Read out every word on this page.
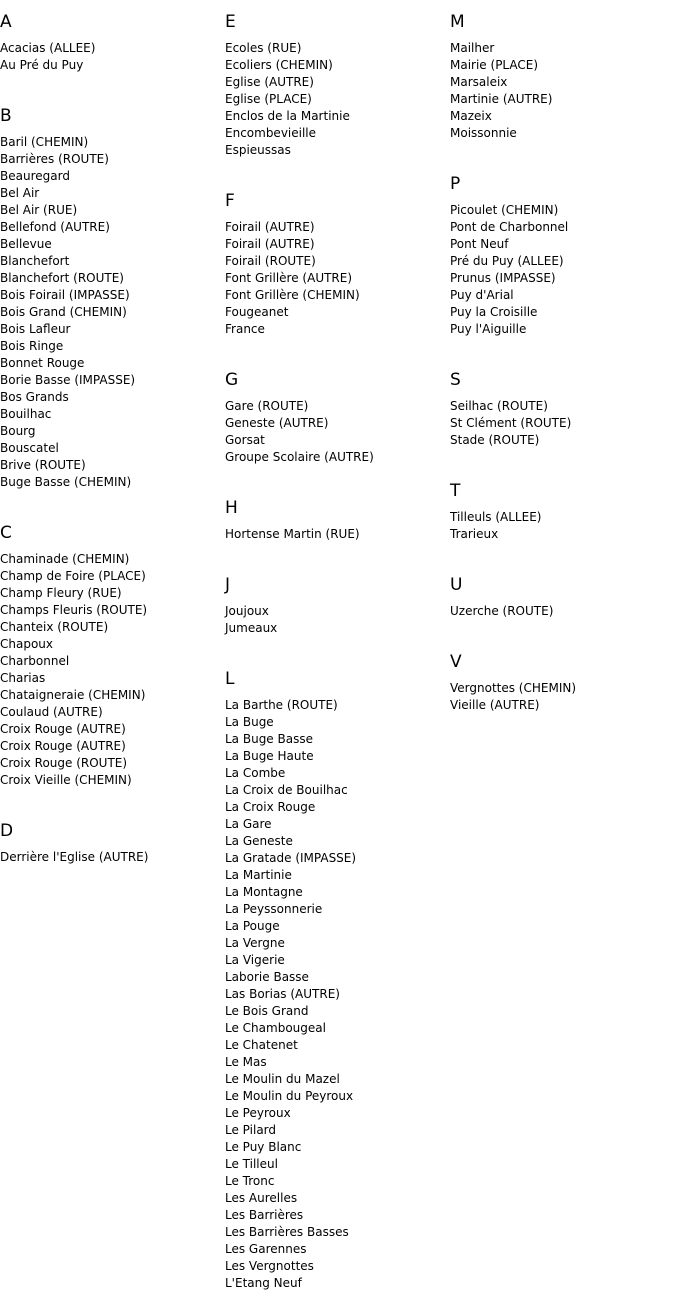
A
Acacias (ALLEE)
Au Pré du Puy
B
Baril (CHEMIN)
Barrières (ROUTE)
Beauregard
Bel Air
Bel Air (RUE)
Bellefond (AUTRE)
Bellevue
Blanchefort
Blanchefort (ROUTE)
Bois Foirail (IMPASSE)
Bois Grand (CHEMIN)
Bois Lafleur
Bois Ringe
Bonnet Rouge
Borie Basse (IMPASSE)
Bos Grands
Bouilhac
Bourg
Bouscatel
Brive (ROUTE)
Buge Basse (CHEMIN)
C
Chaminade (CHEMIN)
Champ de Foire (PLACE)
Champ Fleury (RUE)
Champs Fleuris (ROUTE)
Chanteix (ROUTE)
Chapoux
Charbonnel
Charias
Chataigneraie (CHEMIN)
Coulaud (AUTRE)
Croix Rouge (AUTRE)
Croix Rouge (AUTRE)
Croix Rouge (ROUTE)
Croix Vieille (CHEMIN)
D
Derrière l'Eglise (AUTRE)
E
Ecoles (RUE)
Ecoliers (CHEMIN)
Eglise (AUTRE)
Eglise (PLACE)
Enclos de la Martinie
Encombevieille
Espieussas
F
Foirail (AUTRE)
Foirail (AUTRE)
Foirail (ROUTE)
Font Grillère (AUTRE)
Font Grillère (CHEMIN)
Fougeanet
France
G
Gare (ROUTE)
Geneste (AUTRE)
Gorsat
Groupe Scolaire (AUTRE)
H
Hortense Martin (RUE)
J
Joujoux
Jumeaux
L
La Barthe (ROUTE)
La Buge
La Buge Basse
La Buge Haute
La Combe
La Croix de Bouilhac
La Croix Rouge
La Gare
La Geneste
La Gratade (IMPASSE)
La Martinie
La Montagne
La Peyssonnerie
La Pouge
La Vergne
La Vigerie
Laborie Basse
Las Borias (AUTRE)
Le Bois Grand
Le Chambougeal
Le Chatenet
Le Mas
Le Moulin du Mazel
Le Moulin du Peyroux
Le Peyroux
Le Pilard
Le Puy Blanc
Le Tilleul
Le Tronc
Les Aurelles
Les Barrières
Les Barrières Basses
Les Garennes
Les Vergnottes
L'Etang Neuf
M
Mailher
Mairie (PLACE)
Marsaleix
Martinie (AUTRE)
Mazeix
Moissonnie
P
Picoulet (CHEMIN)
Pont de Charbonnel
Pont Neuf
Pré du Puy (ALLEE)
Prunus (IMPASSE)
Puy d'Arial
Puy la Croisille
Puy l'Aiguille
S
Seilhac (ROUTE)
St Clément (ROUTE)
Stade (ROUTE)
T
Tilleuls (ALLEE)
Trarieux
U
Uzerche (ROUTE)
V
Vergnottes (CHEMIN)
Vieille (AUTRE)
